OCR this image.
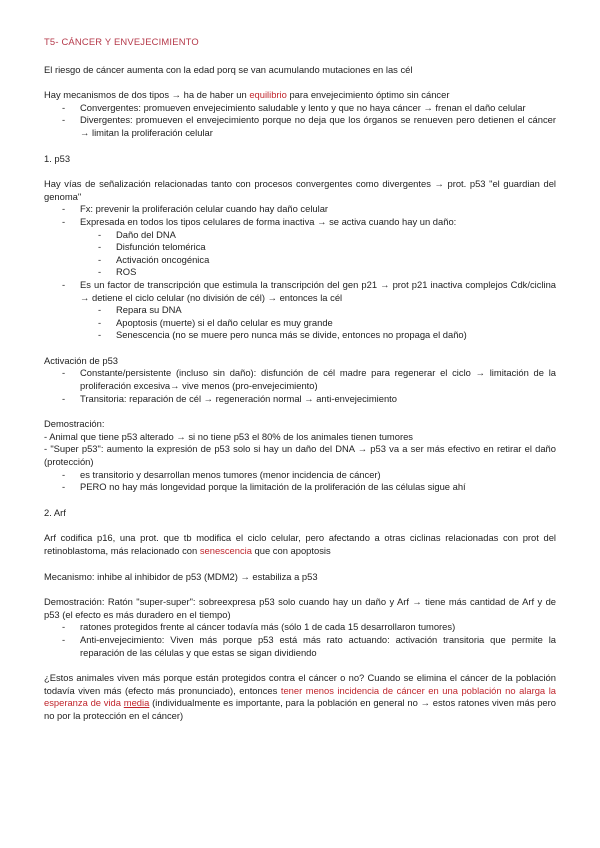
T5- CÁNCER Y ENVEJECIMIENTO

El riesgo de cáncer aumenta con la edad porq se van acumulando mutaciones en las cél

Hay mecanismos de dos tipos → ha de haber un equilibrio para envejecimiento óptimo sin cáncer
- Convergentes: promueven envejecimiento saludable y lento y que no haya cáncer → frenan el daño celular
- Divergentes: promueven el envejecimiento porque no deja que los órganos se renueven pero detienen el cáncer → limitan la proliferación celular

1. p53

Hay vías de señalización relacionadas tanto con procesos convergentes como divergentes → prot. p53 "el guardian del genoma"
- Fx: prevenir la proliferación celular cuando hay daño celular
- Expresada en todos los tipos celulares de forma inactiva → se activa cuando hay un daño:
- Daño del DNA
- Disfunción telomérica
- Activación oncogénica
- ROS
- Es un factor de transcripción que estimula la transcripción del gen p21 → prot p21 inactiva complejos Cdk/ciclina → detiene el ciclo celular (no división de cél) → entonces la cél
- Repara su DNA
- Apoptosis (muerte) si el daño celular es muy grande
- Senescencia (no se muere pero nunca más se divide, entonces no propaga el daño)
Activación de p53
- Constante/persistente (incluso sin daño): disfunción de cél madre para regenerar el ciclo → limitación de la proliferación excesiva→ vive menos (pro-envejecimiento)
- Transitoria: reparación de cél → regeneración normal → anti-envejecimiento
Demostración:
- Animal que tiene p53 alterado → si no tiene p53 el 80% de los animales tienen tumores
- "Super p53": aumento la expresión de p53 solo si hay un daño del DNA → p53 va a ser más efectivo en retirar el daño (protección)
- es transitorio y desarrollan menos tumores (menor incidencia de cáncer)
- PERO no hay más longevidad porque la limitación de la proliferación de las células sigue ahí

2. Arf

Arf codifica p16, una prot. que tb modifica el ciclo celular, pero afectando a otras ciclinas relacionadas con prot del retinoblastoma, más relacionado con senescencia que con apoptosis

Mecanismo: inhibe al inhibidor de p53 (MDM2) → estabiliza a p53

Demostración: Ratón "super-super": sobreexpresa p53 solo cuando hay un daño y Arf → tiene más cantidad de Arf y de p53 (el efecto es más duradero en el tiempo)
- ratones protegidos frente al cáncer todavía más (sólo 1 de cada 15 desarrollaron tumores)
- Anti-envejecimiento: Viven más porque p53 está más rato actuando: activación transitoria que permite la reparación de las células y que estas se sigan dividiendo

¿Estos animales viven más porque están protegidos contra el cáncer o no? Cuando se elimina el cáncer de la población todavía viven más (efecto más pronunciado), entonces tener menos incidencia de cáncer en una población no alarga la esperanza de vida media (individualmente es importante, para la población en general no → estos ratones viven más pero no por la protección en el cáncer)
